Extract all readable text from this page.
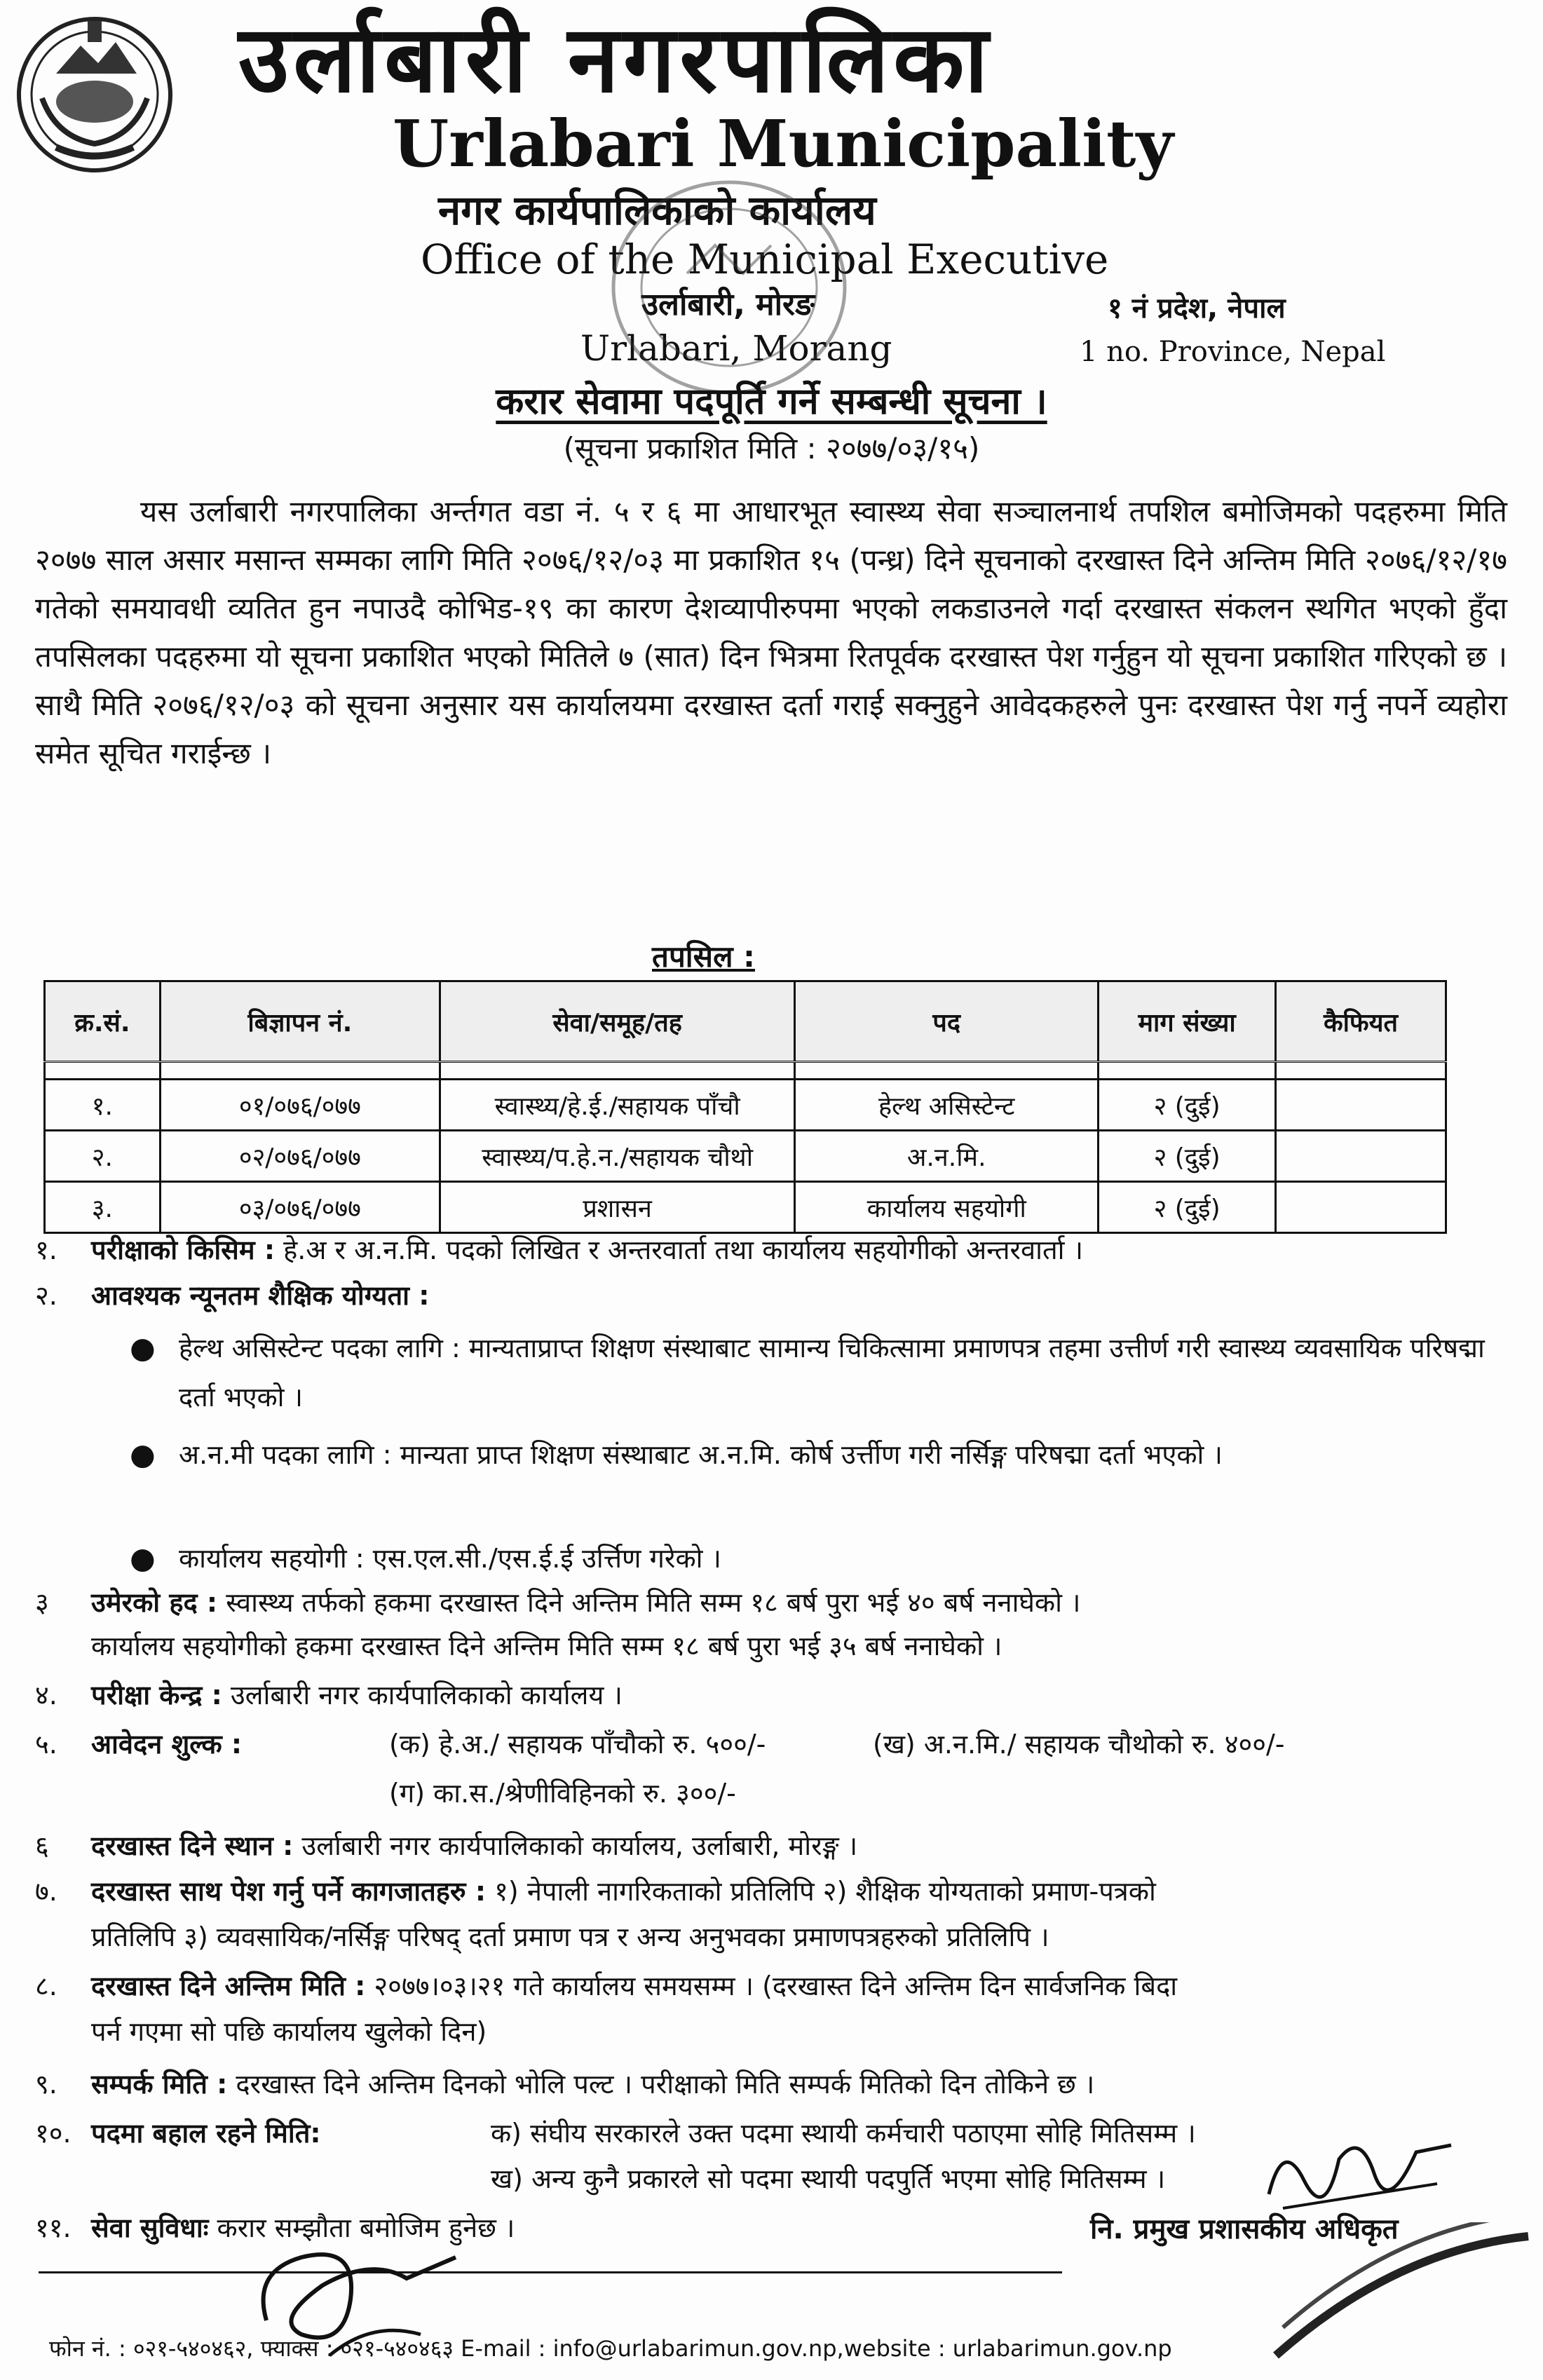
उर्लाबारी नगरपालिका
Urlabari Municipality
नगर कार्यपालिकाको कार्यालय
Office of the Municipal Executive
उर्लाबारी, मोरङ	१ नं प्रदेश, नेपाल
Urlabari, Morang	1 no. Province, Nepal
करार सेवामा पदपूर्ति गर्ने सम्बन्धी सूचना ।
(सूचना प्रकाशित मिति : २०७७/०३/१५)
यस उर्लाबारी नगरपालिका अर्न्तगत वडा नं. ५ र ६ मा आधारभूत स्वास्थ्य सेवा सञ्चालनार्थ तपशिल बमोजिमको पदहरुमा मिति २०७७ साल असार मसान्त सम्मका लागि मिति २०७६/१२/०३ मा प्रकाशित १५ (पन्ध्र) दिने सूचनाको दरखास्त दिने अन्तिम मिति २०७६/१२/१७ गतेको समयावधी व्यतित हुन नपाउदै कोभिड-१९ का कारण देशव्यापीरुपमा भएको लकडाउनले गर्दा दरखास्त संकलन स्थगित भएको हुँदा तपसिलका पदहरुमा यो सूचना प्रकाशित भएको मितिले ७ (सात) दिन भित्रमा रितपूर्वक दरखास्त पेश गर्नुहुन यो सूचना प्रकाशित गरिएको छ । साथै मिति २०७६/१२/०३ को सूचना अनुसार यस कार्यालयमा दरखास्त दर्ता गराई सक्नुहुने आवेदकहरुले पुनः दरखास्त पेश गर्नु नपर्ने व्यहोरा समेत सूचित गराईन्छ ।
तपसिल :
क्र.सं.	बिज्ञापन नं.	सेवा/समूह/तह	पद	माग संख्या	कैफियत

१.	०१/०७६/०७७	स्वास्थ्य/हे.ई./सहायक पाँचौ	हेल्थ असिस्टेन्ट	२ (दुई)	
२.	०२/०७६/०७७	स्वास्थ्य/प.हे.न./सहायक चौथो	अ.न.मि.	२ (दुई)	
३.	०३/०७६/०७७	प्रशासन	कार्यालय सहयोगी	२ (दुई)	
१. परीक्षाको किसिम : हे.अ र अ.न.मि. पदको लिखित र अन्तरवार्ता तथा कार्यालय सहयोगीको अन्तरवार्ता ।
२. आवश्यक न्यूनतम शैक्षिक योग्यता :
● हेल्थ असिस्टेन्ट पदका लागि : मान्यताप्राप्त शिक्षण संस्थाबाट सामान्य चिकित्सामा प्रमाणपत्र तहमा उत्तीर्ण गरी स्वास्थ्य व्यवसायिक परिषद्मा दर्ता भएको ।
● अ.न.मी पदका लागि : मान्यता प्राप्त शिक्षण संस्थाबाट अ.न.मि. कोर्ष उर्त्तीण गरी नर्सिङ्ग परिषद्मा दर्ता भएको ।
● कार्यालय सहयोगी : एस.एल.सी./एस.ई.ई उर्त्तिण गरेको ।
३ उमेरको हद : स्वास्थ्य तर्फको हकमा दरखास्त दिने अन्तिम मिति सम्म १८ बर्ष पुरा भई ४० बर्ष ननाघेको ।
कार्यालय सहयोगीको हकमा दरखास्त दिने अन्तिम मिति सम्म १८ बर्ष पुरा भई ३५ बर्ष ननाघेको ।
४. परीक्षा केन्द्र : उर्लाबारी नगर कार्यपालिकाको कार्यालय ।
५. आवेदन शुल्क :	(क) हे.अ./ सहायक पाँचौको रु. ५००/-	(ख) अ.न.मि./ सहायक चौथोको रु. ४००/-
(ग) का.स./श्रेणीविहिनको रु. ३००/-
६ दरखास्त दिने स्थान : उर्लाबारी नगर कार्यपालिकाको कार्यालय, उर्लाबारी, मोरङ्ग ।
७. दरखास्त साथ पेश गर्नु पर्ने कागजातहरु : १) नेपाली नागरिकताको प्रतिलिपि २) शैक्षिक योग्यताको प्रमाण-पत्रको
प्रतिलिपि ३) व्यवसायिक/नर्सिङ्ग परिषद् दर्ता प्रमाण पत्र र अन्य अनुभवका प्रमाणपत्रहरुको प्रतिलिपि ।
८. दरखास्त दिने अन्तिम मिति : २०७७।०३।२१ गते कार्यालय समयसम्म । (दरखास्त दिने अन्तिम दिन सार्वजनिक बिदा
पर्न गएमा सो पछि कार्यालय खुलेको दिन)
९. सम्पर्क मिति : दरखास्त दिने अन्तिम दिनको भोलि पल्ट । परीक्षाको मिति सम्पर्क मितिको दिन तोकिने छ ।
१०. पदमा बहाल रहने मिति:	क) संघीय सरकारले उक्त पदमा स्थायी कर्मचारी पठाएमा सोहि मितिसम्म ।
ख) अन्य कुनै प्रकारले सो पदमा स्थायी पदपुर्ति भएमा सोहि मितिसम्म ।
११. सेवा सुविधाः करार सम्झौता बमोजिम हुनेछ ।	नि. प्रमुख प्रशासकीय अधिकृत
फोन नं. : ०२१-५४०४६२, फ्याक्स : ०२१-५४०४६३ E-mail : info@urlabarimun.gov.np,website : urlabarimun.gov.np
